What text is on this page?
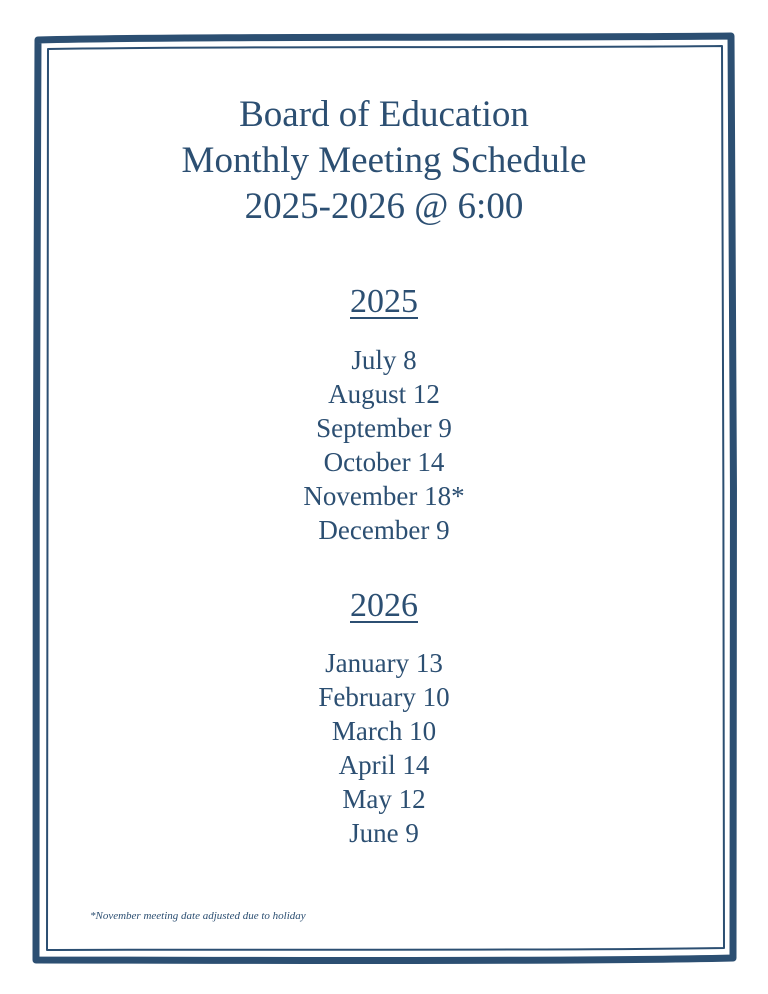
Board of Education
Monthly Meeting Schedule
2025-2026 @ 6:00
2025
July 8
August 12
September 9
October 14
November 18*
December 9
2026
January 13
February 10
March 10
April 14
May 12
June 9
*November meeting date adjusted due to holiday
